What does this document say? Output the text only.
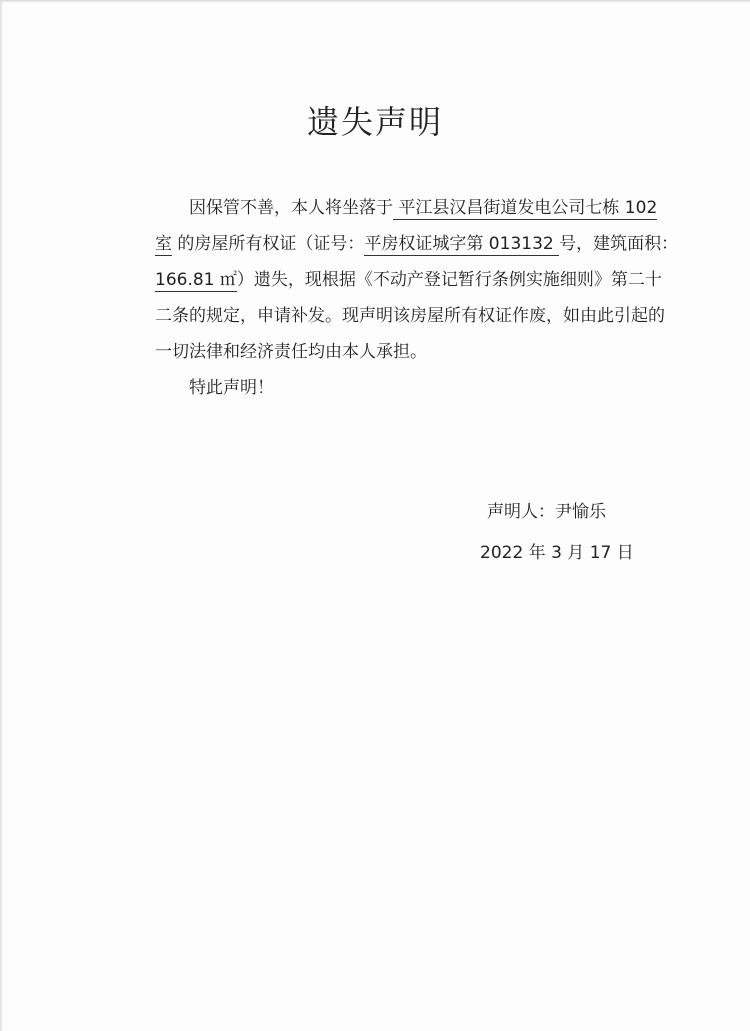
遗失声明
因保管不善，本人将坐落于 平江县汉昌街道发电公司七栋 102
室 的房屋所有权证（证号：平房权证城字第 013132 号，建筑面积：
166.81 ㎡）遗失，现根据《不动产登记暂行条例实施细则》第二十
二条的规定，申请补发。现声明该房屋所有权证作废，如由此引起的
一切法律和经济责任均由本人承担。
特此声明！
声明人：尹愉乐
2022 年 3 月 17 日
